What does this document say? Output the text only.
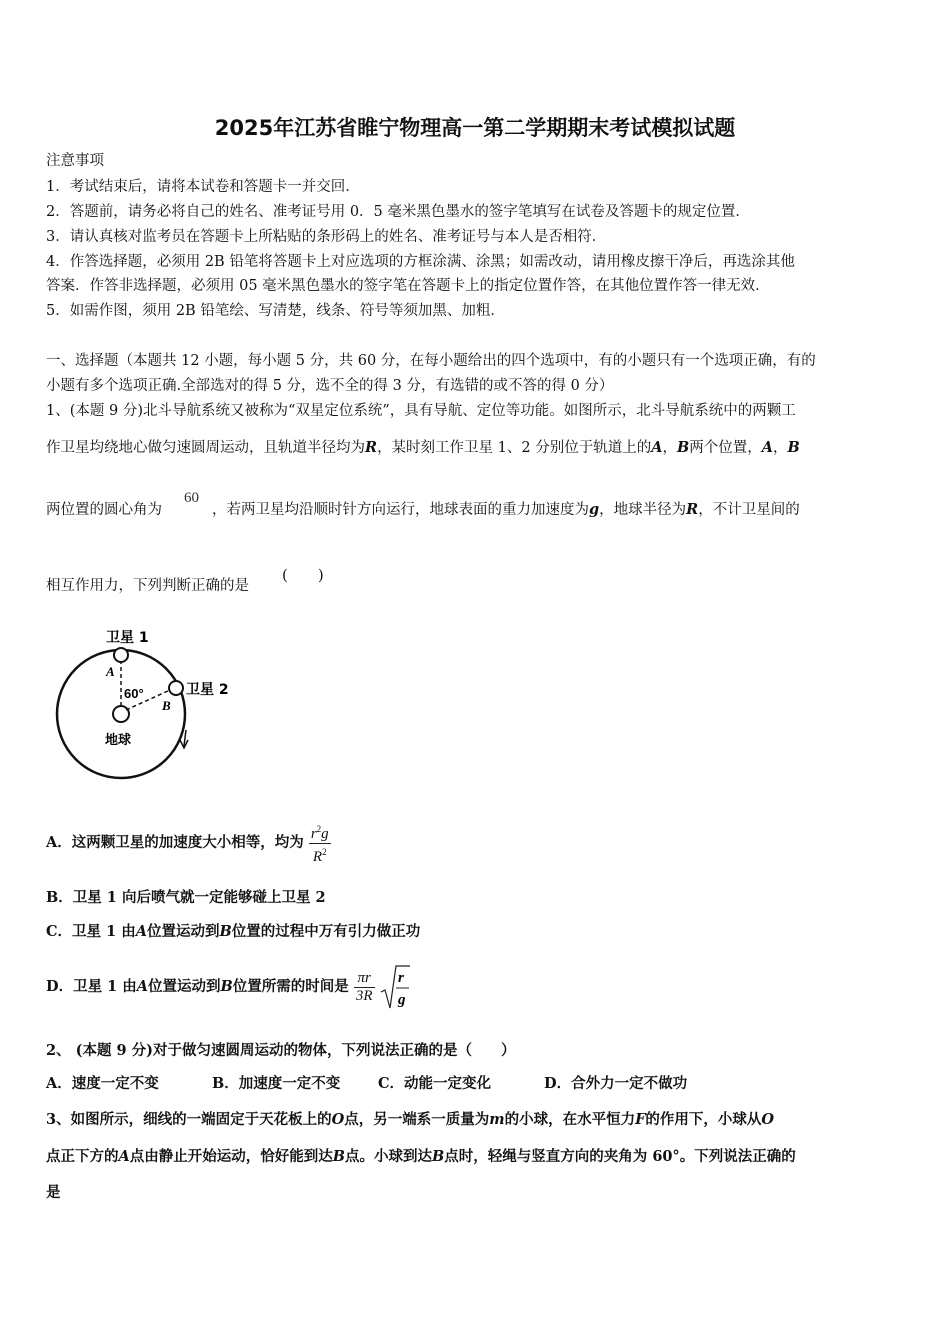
2025年江苏省睢宁物理高一第二学期期末考试模拟试题
注意事项
1．考试结束后，请将本试卷和答题卡一并交回．
2．答题前，请务必将自己的姓名、准考证号用 0．5 毫米黑色墨水的签字笔填写在试卷及答题卡的规定位置．
3．请认真核对监考员在答题卡上所粘贴的条形码上的姓名、准考证号与本人是否相符．
4．作答选择题，必须用 2B 铅笔将答题卡上对应选项的方框涂满、涂黑；如需改动，请用橡皮擦干净后，再选涂其他
答案．作答非选择题，必须用 05 毫米黑色墨水的签字笔在答题卡上的指定位置作答，在其他位置作答一律无效．
5．如需作图，须用 2B 铅笔绘、写清楚，线条、符号等须加黑、加粗．
一、选择题（本题共 12 小题，每小题 5 分，共 60 分，在每小题给出的四个选项中，有的小题只有一个选项正确，有的
小题有多个选项正确.全部选对的得 5 分，选不全的得 3 分，有选错的或不答的得 0 分）
1、(本题 9 分)北斗导航系统又被称为“双星定位系统”，具有导航、定位等功能。如图所示，北斗导航系统中的两颗工
作卫星均绕地心做匀速圆周运动，且轨道半径均为R，某时刻工作卫星 1、2 分别位于轨道上的A，B两个位置，A，B
两位置的圆心角为	，若两卫星均沿顺时针方向运行，地球表面的重力加速度为g，地球半径为R，不计卫星间的
60
相互作用力，下列判断正确的是
(　　)
卫星 1
卫星 2
A
60°
B
地球
A．这两颗卫星的加速度大小相等，均为 $\frac{r^2g}{R^2}$
B．卫星 1 向后喷气就一定能够碰上卫星 2
C．卫星 1 由A位置运动到B位置的过程中万有引力做正功
D．卫星 1 由A位置运动到B位置所需的时间是 $\frac{\pi r}{3R}$
r
g
2、 (本题 9 分)对于做匀速圆周运动的物体，下列说法正确的是（　　）
A．速度一定不变	B．加速度一定不变	C．动能一定变化	D．合外力一定不做功
3、如图所示，细线的一端固定于天花板上的O点，另一端系一质量为m的小球，在水平恒力F的作用下，小球从O
点正下方的A点由静止开始运动，恰好能到达B点。小球到达B点时，轻绳与竖直方向的夹角为 60°。下列说法正确的
是
